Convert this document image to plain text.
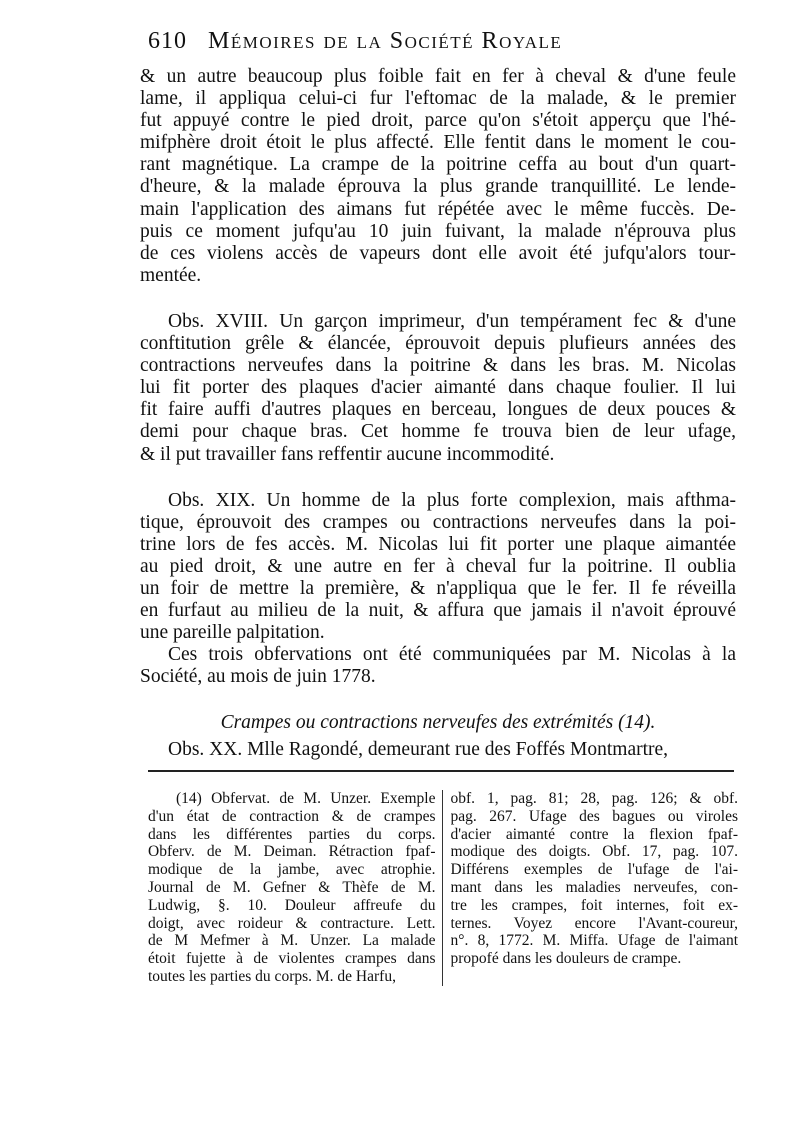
610 Mémoires de la Société Royale
& un autre beaucoup plus foible fait en fer à cheval & d'une feule
lame, il appliqua celui-ci fur l'eftomac de la malade, & le premier
fut appuyé contre le pied droit, parce qu'on s'étoit apperçu que l'hé-
mifphère droit étoit le plus affecté. Elle fentit dans le moment le cou-
rant magnétique. La crampe de la poitrine ceffa au bout d'un quart-
d'heure, & la malade éprouva la plus grande tranquillité. Le lende-
main l'application des aimans fut répétée avec le même fuccès. De-
puis ce moment jufqu'au 10 juin fuivant, la malade n'éprouva plus
de ces violens accès de vapeurs dont elle avoit été jufqu'alors tour-
mentée.
Obs. XVIII. Un garçon imprimeur, d'un tempérament fec & d'une
conftitution grêle & élancée, éprouvoit depuis plufieurs années des
contractions nerveufes dans la poitrine & dans les bras. M. Nicolas
lui fit porter des plaques d'acier aimanté dans chaque foulier. Il lui
fit faire auffi d'autres plaques en berceau, longues de deux pouces &
demi pour chaque bras. Cet homme fe trouva bien de leur ufage,
& il put travailler fans reffentir aucune incommodité.
Obs. XIX. Un homme de la plus forte complexion, mais afthma-
tique, éprouvoit des crampes ou contractions nerveufes dans la poi-
trine lors de fes accès. M. Nicolas lui fit porter une plaque aimantée
au pied droit, & une autre en fer à cheval fur la poitrine. Il oublia
un foir de mettre la première, & n'appliqua que le fer. Il fe réveilla
en furfaut au milieu de la nuit, & affura que jamais il n'avoit éprouvé
une pareille palpitation.
Ces trois obfervations ont été communiquées par M. Nicolas à la
Société, au mois de juin 1778.
Crampes ou contractions nerveufes des extrémités (14).
Obs. XX. Mlle Ragondé, demeurant rue des Foffés Montmartre,
(14) Obfervat. de M. Unzer. Exemple
d'un état de contraction & de crampes
dans les différentes parties du corps.
Obferv. de M. Deiman. Rétraction fpaf-
modique de la jambe, avec atrophie.
Journal de M. Gefner & Thèfe de M.
Ludwig, §. 10. Douleur affreufe du
doigt, avec roideur & contracture. Lett.
de M Mefmer à M. Unzer. La malade
étoit fujette à de violentes crampes dans
toutes les parties du corps. M. de Harfu,
obf. 1, pag. 81; 28, pag. 126; & obf.
pag. 267. Ufage des bagues ou viroles
d'acier aimanté contre la flexion fpaf-
modique des doigts. Obf. 17, pag. 107.
Différens exemples de l'ufage de l'ai-
mant dans les maladies nerveufes, con-
tre les crampes, foit internes, foit ex-
ternes. Voyez encore l'Avant-coureur,
n°. 8, 1772. M. Miffa. Ufage de l'aimant
propofé dans les douleurs de crampe.
